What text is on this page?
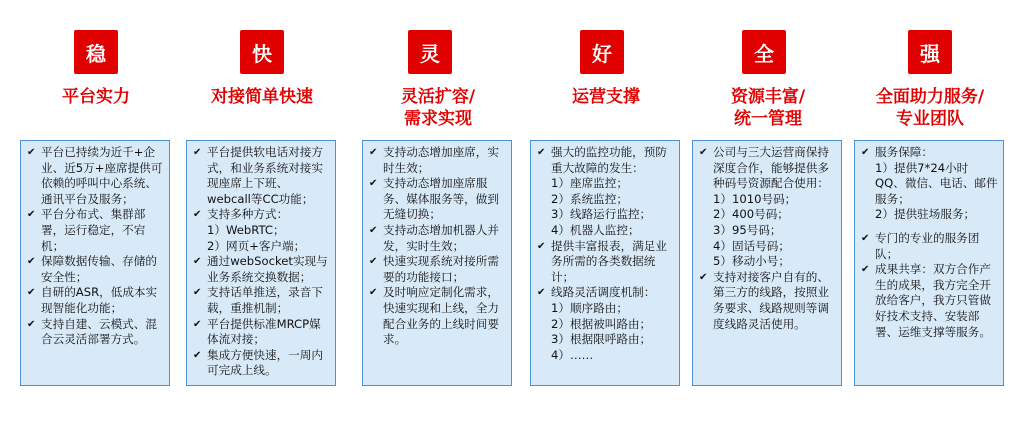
稳
平台实力
✔ 平台已持续为近千+企业、近5万+座席提供可依赖的呼叫中心系统、通讯平台及服务；
✔ 平台分布式、集群部署，运行稳定，不宕机；
✔ 保障数据传输、存储的安全性；
✔ 自研的ASR，低成本实现智能化功能；
✔ 支持自建、云模式、混合云灵活部署方式。
快
对接简单快速
✔ 平台提供软电话对接方式，和业务系统对接实现座席上下班、webcall等CC功能；
✔ 支持多种方式：
1）WebRTC；
2）网页+客户端；
✔ 通过webSocket实现与业务系统交换数据；
✔ 支持话单推送，录音下载，重推机制；
✔ 平台提供标准MRCP媒体流对接；
✔ 集成方便快速，一周内可完成上线。
灵
灵活扩容/
需求实现
✔ 支持动态增加座席，实时生效；
✔ 支持动态增加座席服务、媒体服务等，做到无缝切换；
✔ 支持动态增加机器人并发，实时生效；
✔ 快速实现系统对接所需要的功能接口；
✔ 及时响应定制化需求，快速实现和上线，全力配合业务的上线时间要求。
好
运营支撑
✔ 强大的监控功能，预防重大故障的发生：
1）座席监控；
2）系统监控；
3）线路运行监控；
4）机器人监控；
✔ 提供丰富报表，满足业务所需的各类数据统计；
✔ 线路灵活调度机制：
1）顺序路由；
2）根据被叫路由；
3）根据限呼路由；
4）……
全
资源丰富/
统一管理
✔ 公司与三大运营商保持深度合作，能够提供多种码号资源配合使用：
1）1010号码；
2）400号码；
3）95号码；
4）固话号码；
5）移动小号；
✔ 支持对接客户自有的、第三方的线路，按照业务要求、线路规则等调度线路灵活使用。
强
全面助力服务/
专业团队
✔ 服务保障：
1）提供7*24小时QQ、微信、电话、邮件服务；
2）提供驻场服务；
✔ 专门的专业的服务团队；
✔ 成果共享：双方合作产生的成果，我方完全开放给客户，我方只管做好技术支持、安装部署、运维支撑等服务。
